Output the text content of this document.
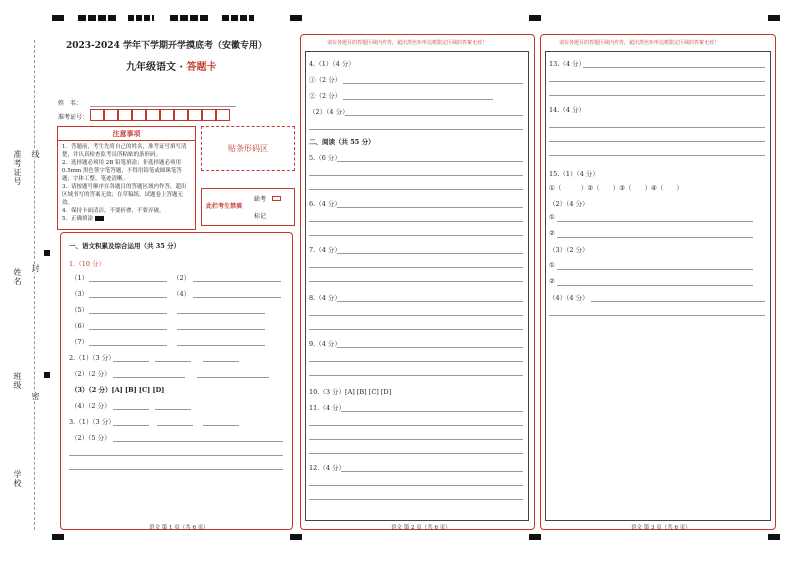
准考证号 线
姓名 封
班级
密
学校
2023-2024 学年下学期开学摸底考（安徽专用）
九年级语文 · 答题卡
姓　名：
准考证号：
注意事项
1．答题前，考生先将自己的姓名，准考证号填写清楚，并认真检查监考员所粘贴的条形码。
2．选择题必须用 2B 铅笔填涂；非选择题必须用 0.5mm 黑色签字笔答题，不得用铅笔或圆珠笔答题；字体工整、笔迹清晰。
3．请按题号顺序在各题目的答题区域内作答，超出区域书写的答案无效；在草稿纸、试题卷上答题无效。
4．保持卡面清洁，不要折叠、不要弄破。
5．正确填涂
贴条形码区
此栏考生禁填
缺考
标记
一、语文积累及综合运用（共 35 分）
1.（10 分）
（1）	（2）
（3）	（4）
（5）
（6）
（7）
2.（1）（3 分）
（2）（2 分）
（3）（2 分）[A] [B] [C] [D]
（4）（2 分）
3.（1）（3 分）
（2）（5 分）
语文 第 1 页（共 6 页）
请在各题目的答题区域内作答，超出黑色矩形边框限定区域的答案无效！
4.（1）（4 分）
①（2 分）
②（2 分）
（2）（4 分）
二、阅读（共 55 分）
5.（6 分）
6.（4 分）
7.（4 分）
8.（4 分）
9.（4 分）
10.（3 分）[A] [B] [C] [D]
11.（4 分）
12.（4 分）
语文 第 2 页（共 6 页）
请在各题目的答题区域内作答，超出黑色矩形边框限定区域的答案无效！
13.（4 分）
14.（4 分）
15.（1）（4 分）
①（　　　）②（　　）③（　　）④（　　）
（2）（4 分）
①
②
（3）（2 分）
①
②
（4）（4 分）
语文 第 3 页（共 6 页）
